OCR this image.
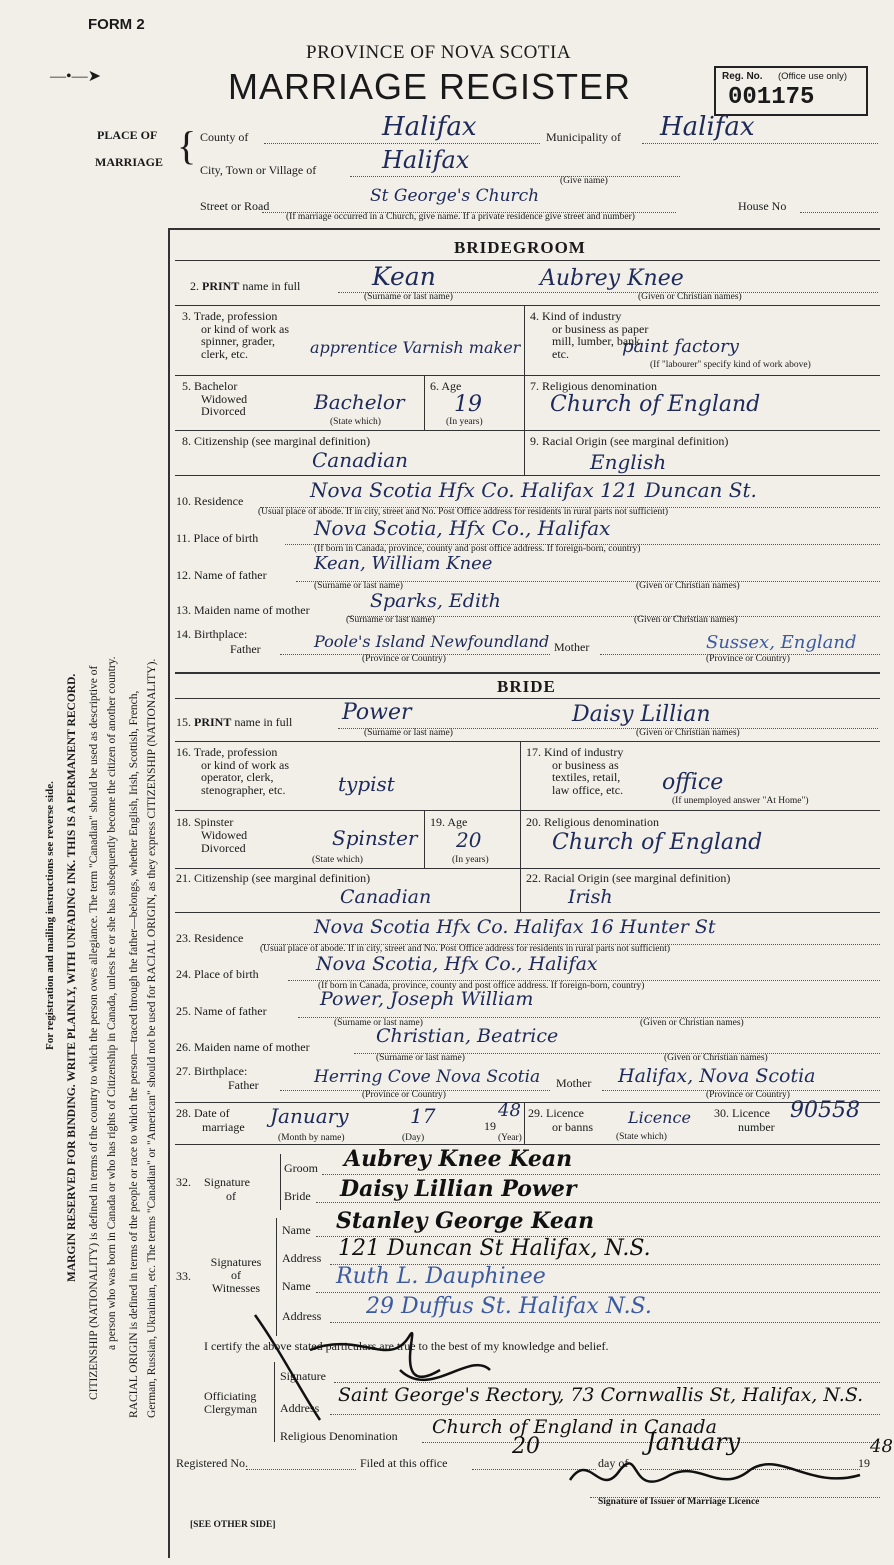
FORM 2
—•—➤
PROVINCE OF NOVA SCOTIA
MARRIAGE REGISTER	Reg. No. (Office use only)
001175
PLACE OF
MARRIAGE { County of	Halifax	Municipality of Halifax
City, Town or Village of	Halifax
(Give name)
Street or Road	St George's Church	House No
(If marriage occurred in a Church, give name. If a private residence give street and number)
For registration and mailing instructions see reverse side. MARGIN RESERVED FOR BINDING. WRITE PLAINLY, WITH UNFADING INK. THIS IS A PERMANENT RECORD. CITIZENSHIP (NATIONALITY) is defined in terms of the country to which the person owes allegiance. The term "Canadian" should be used as descriptive of a person who was born in Canada or who has rights of Citizenship in Canada, unless he or she has subsequently become the citizen of another country. RACIAL ORIGIN is defined in terms of the people or race to which the person—traced through the father—belongs, whether English, Irish, Scottish, French, German, Russian, Ukrainian, etc. The terms "Canadian" or "American" should not be used for RACIAL ORIGIN, as they express CITIZENSHIP (NATIONALITY).
BRIDEGROOM
2. PRINT name in full	Kean	Aubrey Knee
(Surname or last name)	(Given or Christian names)
3. Trade, profession
or kind of work as
spinner, grader,
clerk, etc.	apprentice Varnish maker
4. Kind of industry
or business as paper
mill, lumber, bank,
etc.	paint factory
(If "labourer" specify kind of work above)
5. Bachelor
Widowed
Divorced	Bachelor
(State which)
6. Age
19
(In years)
7. Religious denomination
Church of England
8. Citizenship (see marginal definition)
Canadian
9. Racial Origin (see marginal definition)
English
10. Residence	Nova Scotia Hfx Co. Halifax 121 Duncan St.
(Usual place of abode. If in city, street and No. Post Office address for residents in rural parts not sufficient)
11. Place of birth	Nova Scotia, Hfx Co., Halifax
(If born in Canada, province, county and post office address. If foreign-born, country)
12. Name of father
Kean, William Knee
(Surname or last name)	(Given or Christian names)
13. Maiden name of mother	Sparks, Edith
(Surname or last name)	(Given or Christian names)
14. Birthplace:
Father	Poole's Island Newfoundland
(Province or Country)
Mother	Sussex, England
(Province or Country)
BRIDE
15. PRINT name in full Power	Daisy Lillian
(Surname or last name)	(Given or Christian names)
16. Trade, profession
or kind of work as
operator, clerk,
stenographer, etc.	typist
17. Kind of industry
or business as
textiles, retail,
law office, etc. office
(If unemployed answer "At Home")
18. Spinster
Widowed
Divorced	Spinster
(State which)
19. Age
20
(In years)
20. Religious denomination
Church of England
21. Citizenship (see marginal definition)
Canadian
22. Racial Origin (see marginal definition)
Irish
23. Residence	Nova Scotia Hfx Co. Halifax 16 Hunter St
(Usual place of abode. If in city, street and No. Post Office address for residents in rural parts not sufficient)
24. Place of birth	Nova Scotia, Hfx Co., Halifax
(If born in Canada, province, county and post office address. If foreign-born, country)
25. Name of father
Power, Joseph William
(Surname or last name)	(Given or Christian names)
26. Maiden name of mother	Christian, Beatrice
(Surname or last name)	(Given or Christian names)
27. Birthplace:
Father	Herring Cove Nova Scotia
(Province or Country)
Mother Halifax, Nova Scotia
(Province or Country)
28. Date of
marriage January	17	19
48
(Month by name)	(Day)	(Year)
29. Licence
or banns Licence
(State which)
30. Licence
number
90558
32. Signature
of
Groom Aubrey Knee Kean
Bride Daisy Lillian Power
Signatures
of
Witnesses
33.
Name Stanley George Kean
Address 121 Duncan St Halifax, N.S.
Name Ruth L. Dauphinee
Address 29 Duffus St. Halifax N.S.
I certify the above stated particulars are true to the best of my knowledge and belief.
Officiating
Clergyman
Signature
Address
Saint George's Rectory, 73 Cornwallis St, Halifax, N.S.
Religious Denomination Church of England in Canada
Registered No.	Filed at this office
20
day of
January
19
48
Signature of Issuer of Marriage Licence
[SEE OTHER SIDE]
